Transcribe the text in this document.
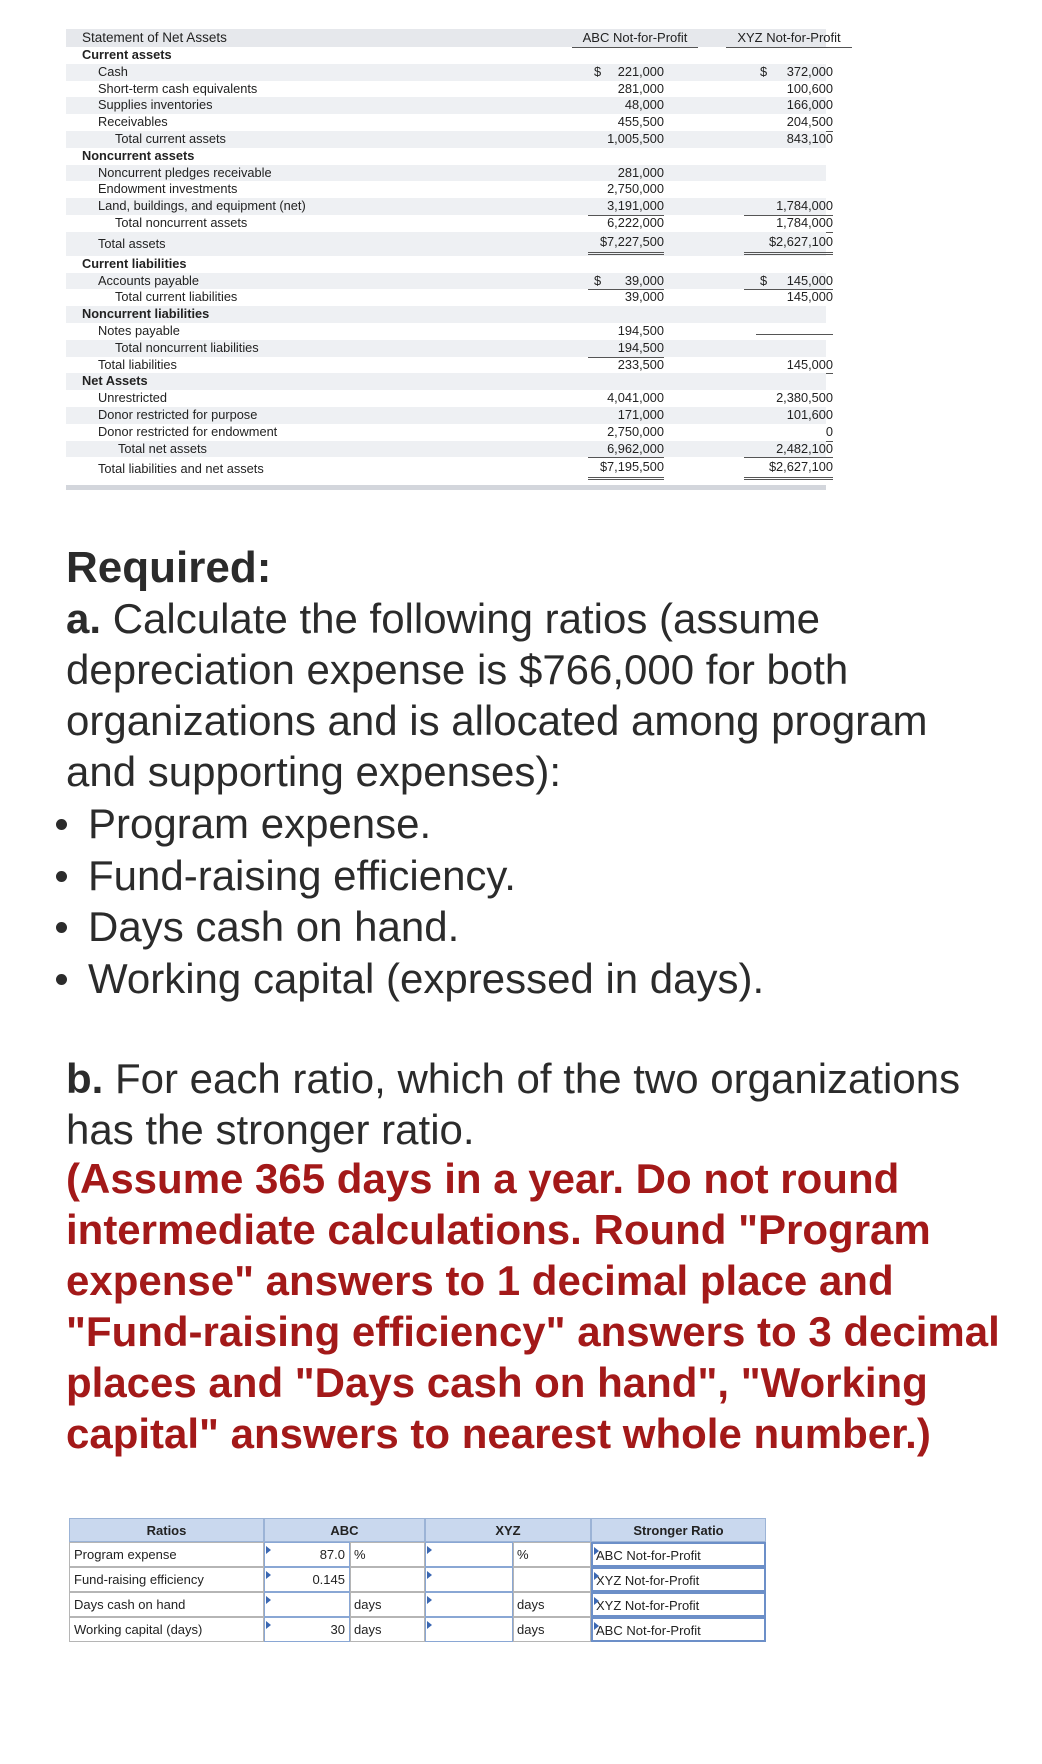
Statement of Net Assets	ABC Not-for-Profit	XYZ Not-for-Profit
Current assets
Cash	$	221,000	$	372,000
Short-term cash equivalents	281,000	100,600
Supplies inventories	48,000	166,000
Receivables	455,500	204,500
Total current assets	1,005,500	843,100
Noncurrent assets
Noncurrent pledges receivable	281,000
Endowment investments	2,750,000
Land, buildings, and equipment (net)	3,191,000	1,784,000
Total noncurrent assets	6,222,000	1,784,000
Total assets	$7,227,500	$2,627,100
Current liabilities
Accounts payable	$	39,000	$	145,000
Total current liabilities	39,000	145,000
Noncurrent liabilities
Notes payable	194,500
Total noncurrent liabilities	194,500
Total liabilities	233,500	145,000
Net Assets
Unrestricted	4,041,000	2,380,500
Donor restricted for purpose	171,000	101,600
Donor restricted for endowment	2,750,000	0
Total net assets	6,962,000	2,482,100
Total liabilities and net assets	$7,195,500	$2,627,100
Required:
a. Calculate the following ratios (assume depreciation expense is $766,000 for both organizations and is allocated among program and supporting expenses):
Program expense.
Fund-raising efficiency.
Days cash on hand.
Working capital (expressed in days).
b. For each ratio, which of the two organizations has the stronger ratio.
(Assume 365 days in a year. Do not round intermediate calculations. Round "Program expense" answers to 1 decimal place and "Fund-raising efficiency" answers to 3 decimal places and "Days cash on hand", "Working capital" answers to nearest whole number.)
Ratios	ABC	XYZ	Stronger Ratio
Program expense	87.0 %	%	ABC Not-for-Profit
Fund-raising efficiency	0.145	XYZ Not-for-Profit
Days cash on hand	days	days	XYZ Not-for-Profit
Working capital (days)	30 days	days	ABC Not-for-Profit
